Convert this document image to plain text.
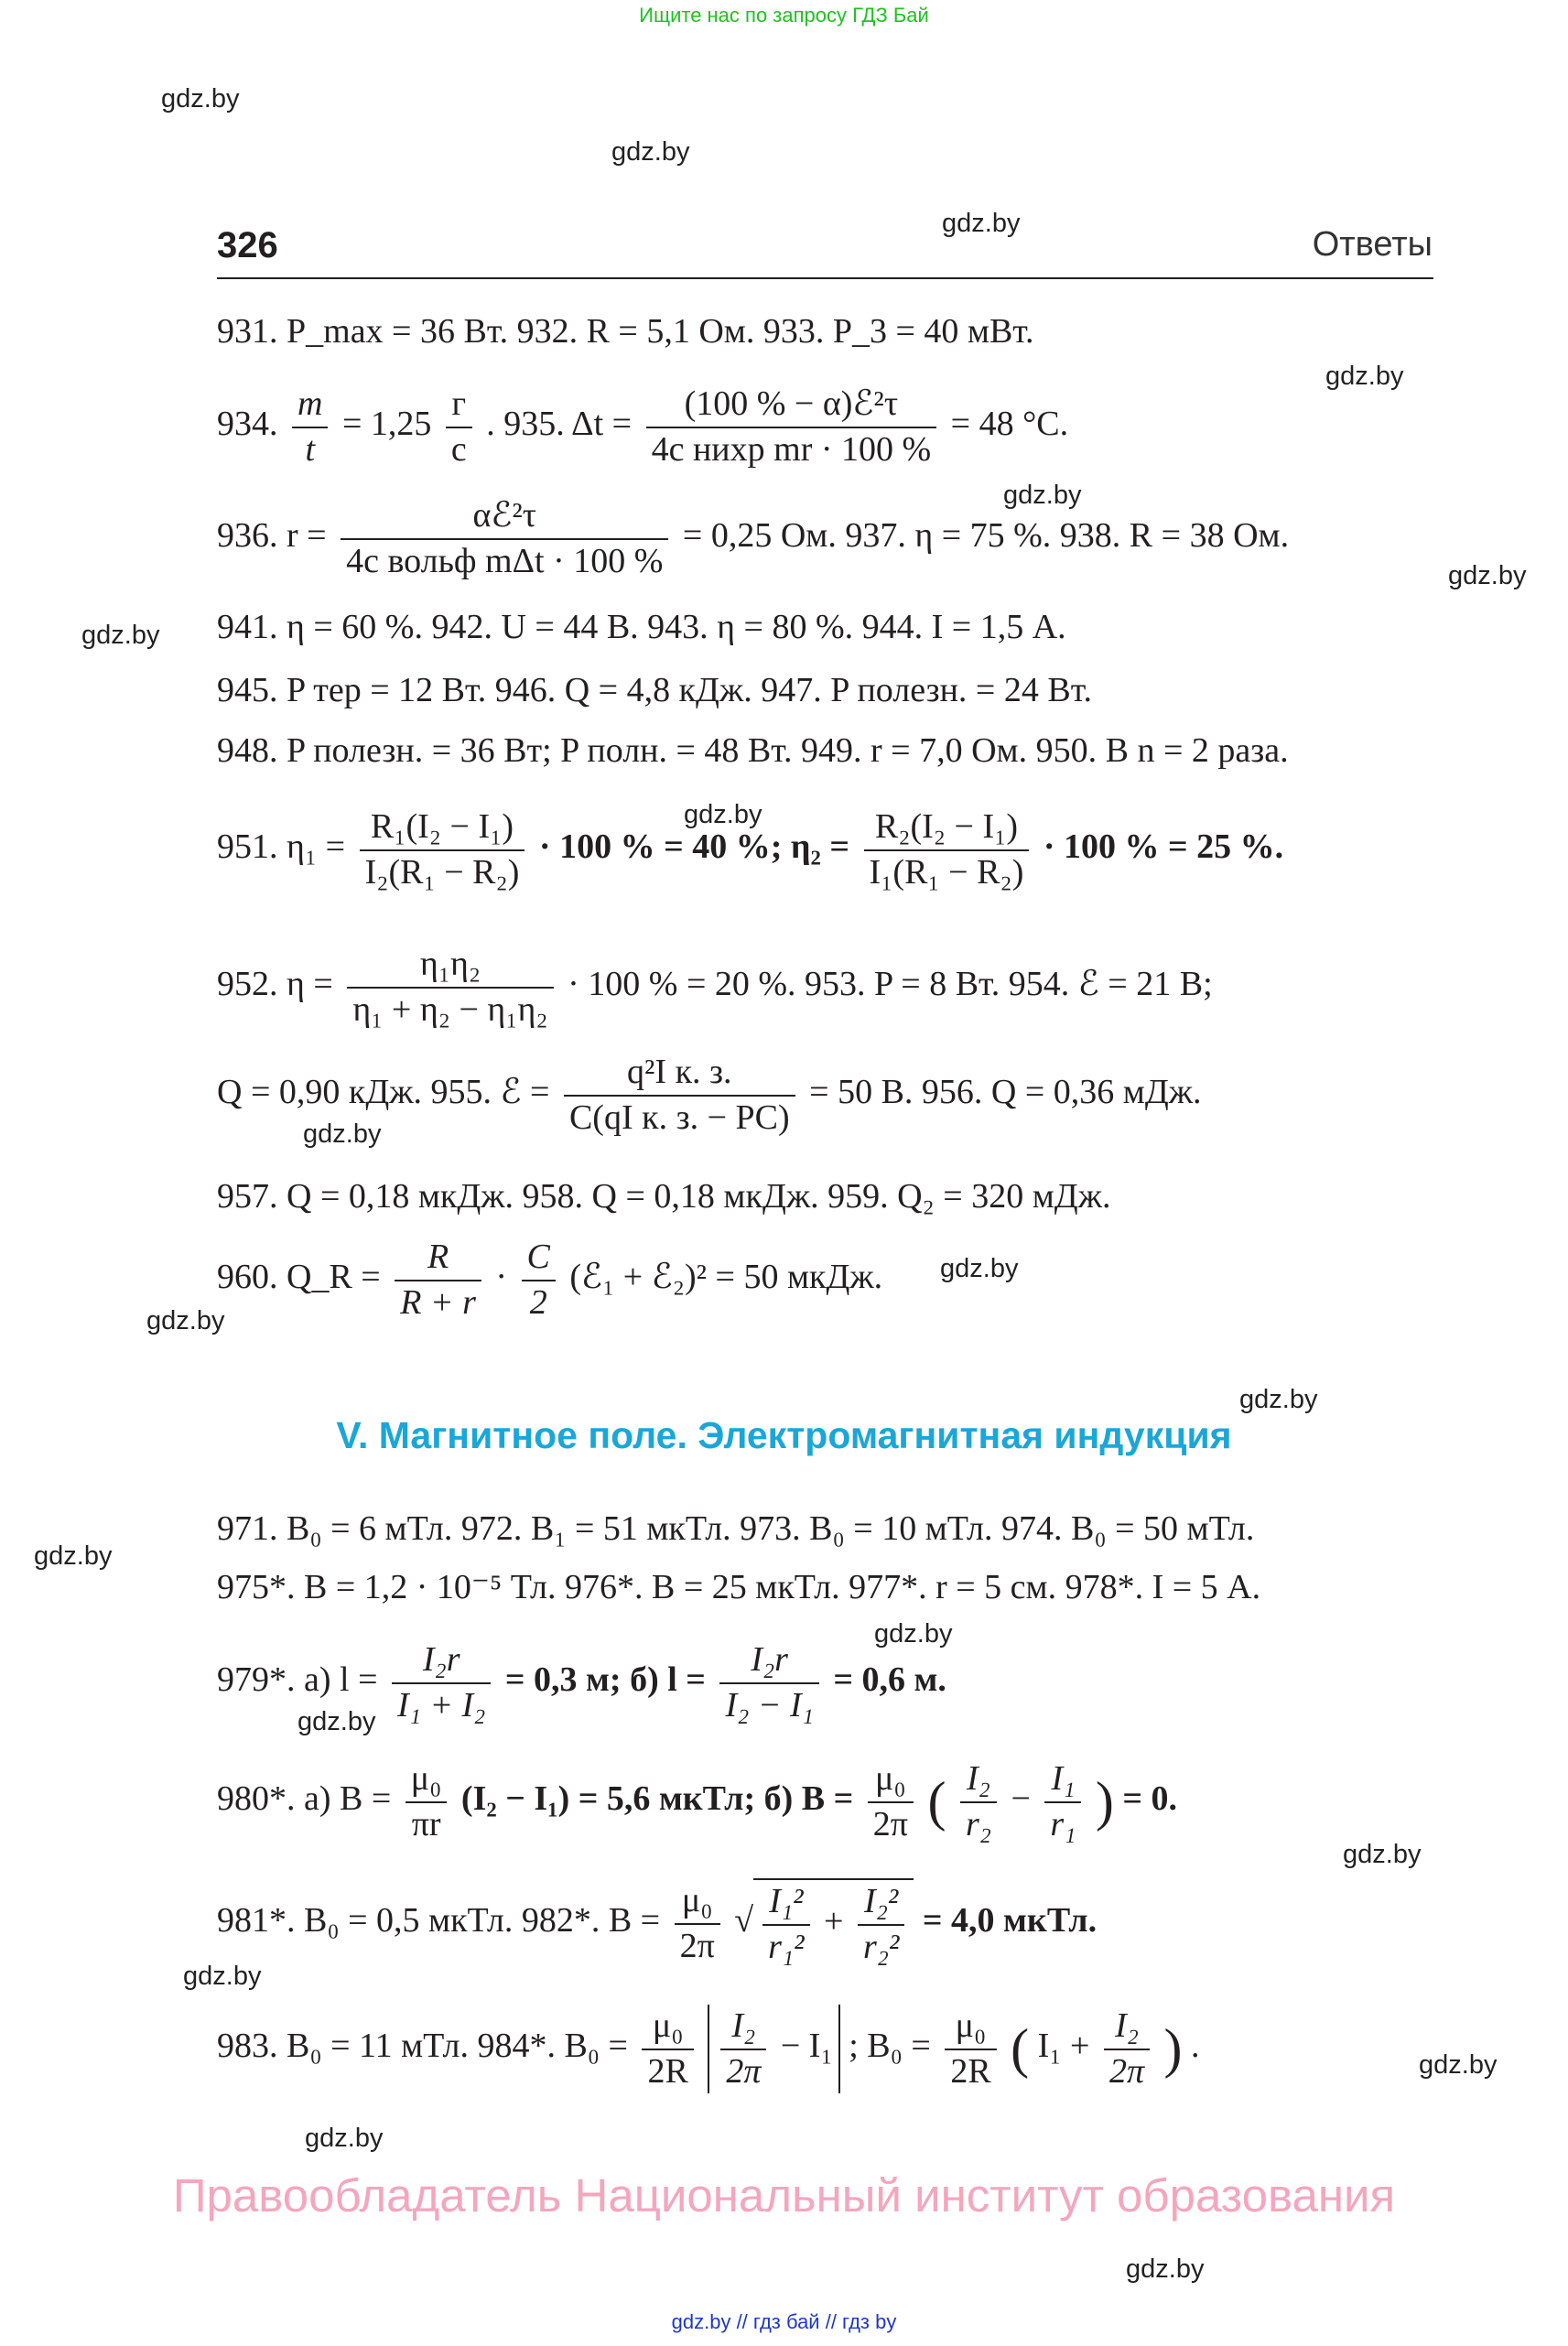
Ищите нас по запросу ГДЗ Бай
gdz.by
gdz.by
gdz.by
gdz.by
gdz.by
gdz.by
gdz.by
gdz.by
gdz.by
gdz.by
gdz.by
gdz.by
gdz.by
gdz.by
gdz.by
gdz.by
gdz.by
gdz.by
gdz.by
gdz.by
326	Ответы
931. P_max = 36 Вт. 932. R = 5,1 Ом. 933. P_3 = 40 мВт.
934. $\frac{m}{t} = 1,25 \frac{г}{с}$ . 935. $\Delta t = \frac{\text{(100 \% − α)ℰ²τ}}{\text{4c нихр mr · 100 \%}} = 48$ °C.
936. $r = \frac{\text{αℰ²τ}}{\text{4c вольф mΔt · 100 \%}} = 0,25$ Ом. 937. η = 75 %. 938. R = 38 Ом.
941. η = 60 %. 942. U = 44 В. 943. η = 80 %. 944. I = 1,5 А.
945. P тер = 12 Вт. 946. Q = 4,8 кДж. 947. P полезн. = 24 Вт.
948. P полезн. = 36 Вт; P полн. = 48 Вт. 949. r = 7,0 Ом. 950. В n = 2 раза.
951. $\eta_1 = \frac{\text{R₁(I₂ − I₁)}}{\text{I₂(R₁ − R₂)}} \cdot 100$ % = 40 %; $\eta_2 = \frac{\text{R₂(I₂ − I₁)}}{\text{I₁(R₁ − R₂)}} \cdot 100$ % = 25 %.
952. $\eta = \frac{\text{η₁η₂}}{\text{η₁ + η₂ − η₁η₂}} \cdot 100$ % = 20 %. 953. P = 8 Вт. 954. ℰ = 21 В;
Q = 0,90 кДж. 955. ℰ = $\frac{\text{q²I к. з.}}{\text{C(qI к. з. − PC)}} = 50$ В. 956. Q = 0,36 мДж.
957. Q = 0,18 мкДж. 958. Q = 0,18 мкДж. 959. Q₂ = 320 мДж.
960. Q_R = $\frac{R}{R + r} \cdot \frac{C}{2}$ (ℰ₁ + ℰ₂)² = 50 мкДж.
V. Магнитное поле. Электромагнитная индукция
971. B₀ = 6 мТл. 972. B₁ = 51 мкТл. 973. B₀ = 10 мТл. 974. B₀ = 50 мТл.
975*. B = 1,2 · 10⁻⁵ Тл. 976*. B = 25 мкТл. 977*. r = 5 см. 978*. I = 5 А.
979*. а) $l = \frac{\text{I₂r}}{\text{I₁ + I₂}} = 0,3$ м; б) $l = \frac{\text{I₂r}}{\text{I₂ − I₁}} = 0,6$ м.
980*. а) $B = \frac{\text{μ₀}}{\pi r} (I_2 - I_1) = 5,6$ мкТл; б) $B = \frac{\text{μ₀}}{2\pi}$ ( $\frac{\text{I₂}}{\text{r₂}} - \frac{\text{I₁}}{\text{r₁}}$ ) = 0.
981*. B₀ = 0,5 мкТл. 982*. $B = \frac{\text{μ₀}}{2\pi}$ √ $\frac{\text{I₁²}}{\text{r₁²}} + \frac{\text{I₂²}}{\text{r₂²}} = 4,0$ мкТл.
983. B₀ = 11 мТл. 984*. $B_0 = \frac{\text{μ₀}}{2R}$
$\frac{\text{I₂}}{2\pi} - I_1$ ; $B_0 = \frac{\text{μ₀}}{2R}$ ( $I_1 + \frac{\text{I₂}}{2\pi}$ ) .
Правообладатель Национальный институт образования
gdz.by // гдз бай // гдз by
